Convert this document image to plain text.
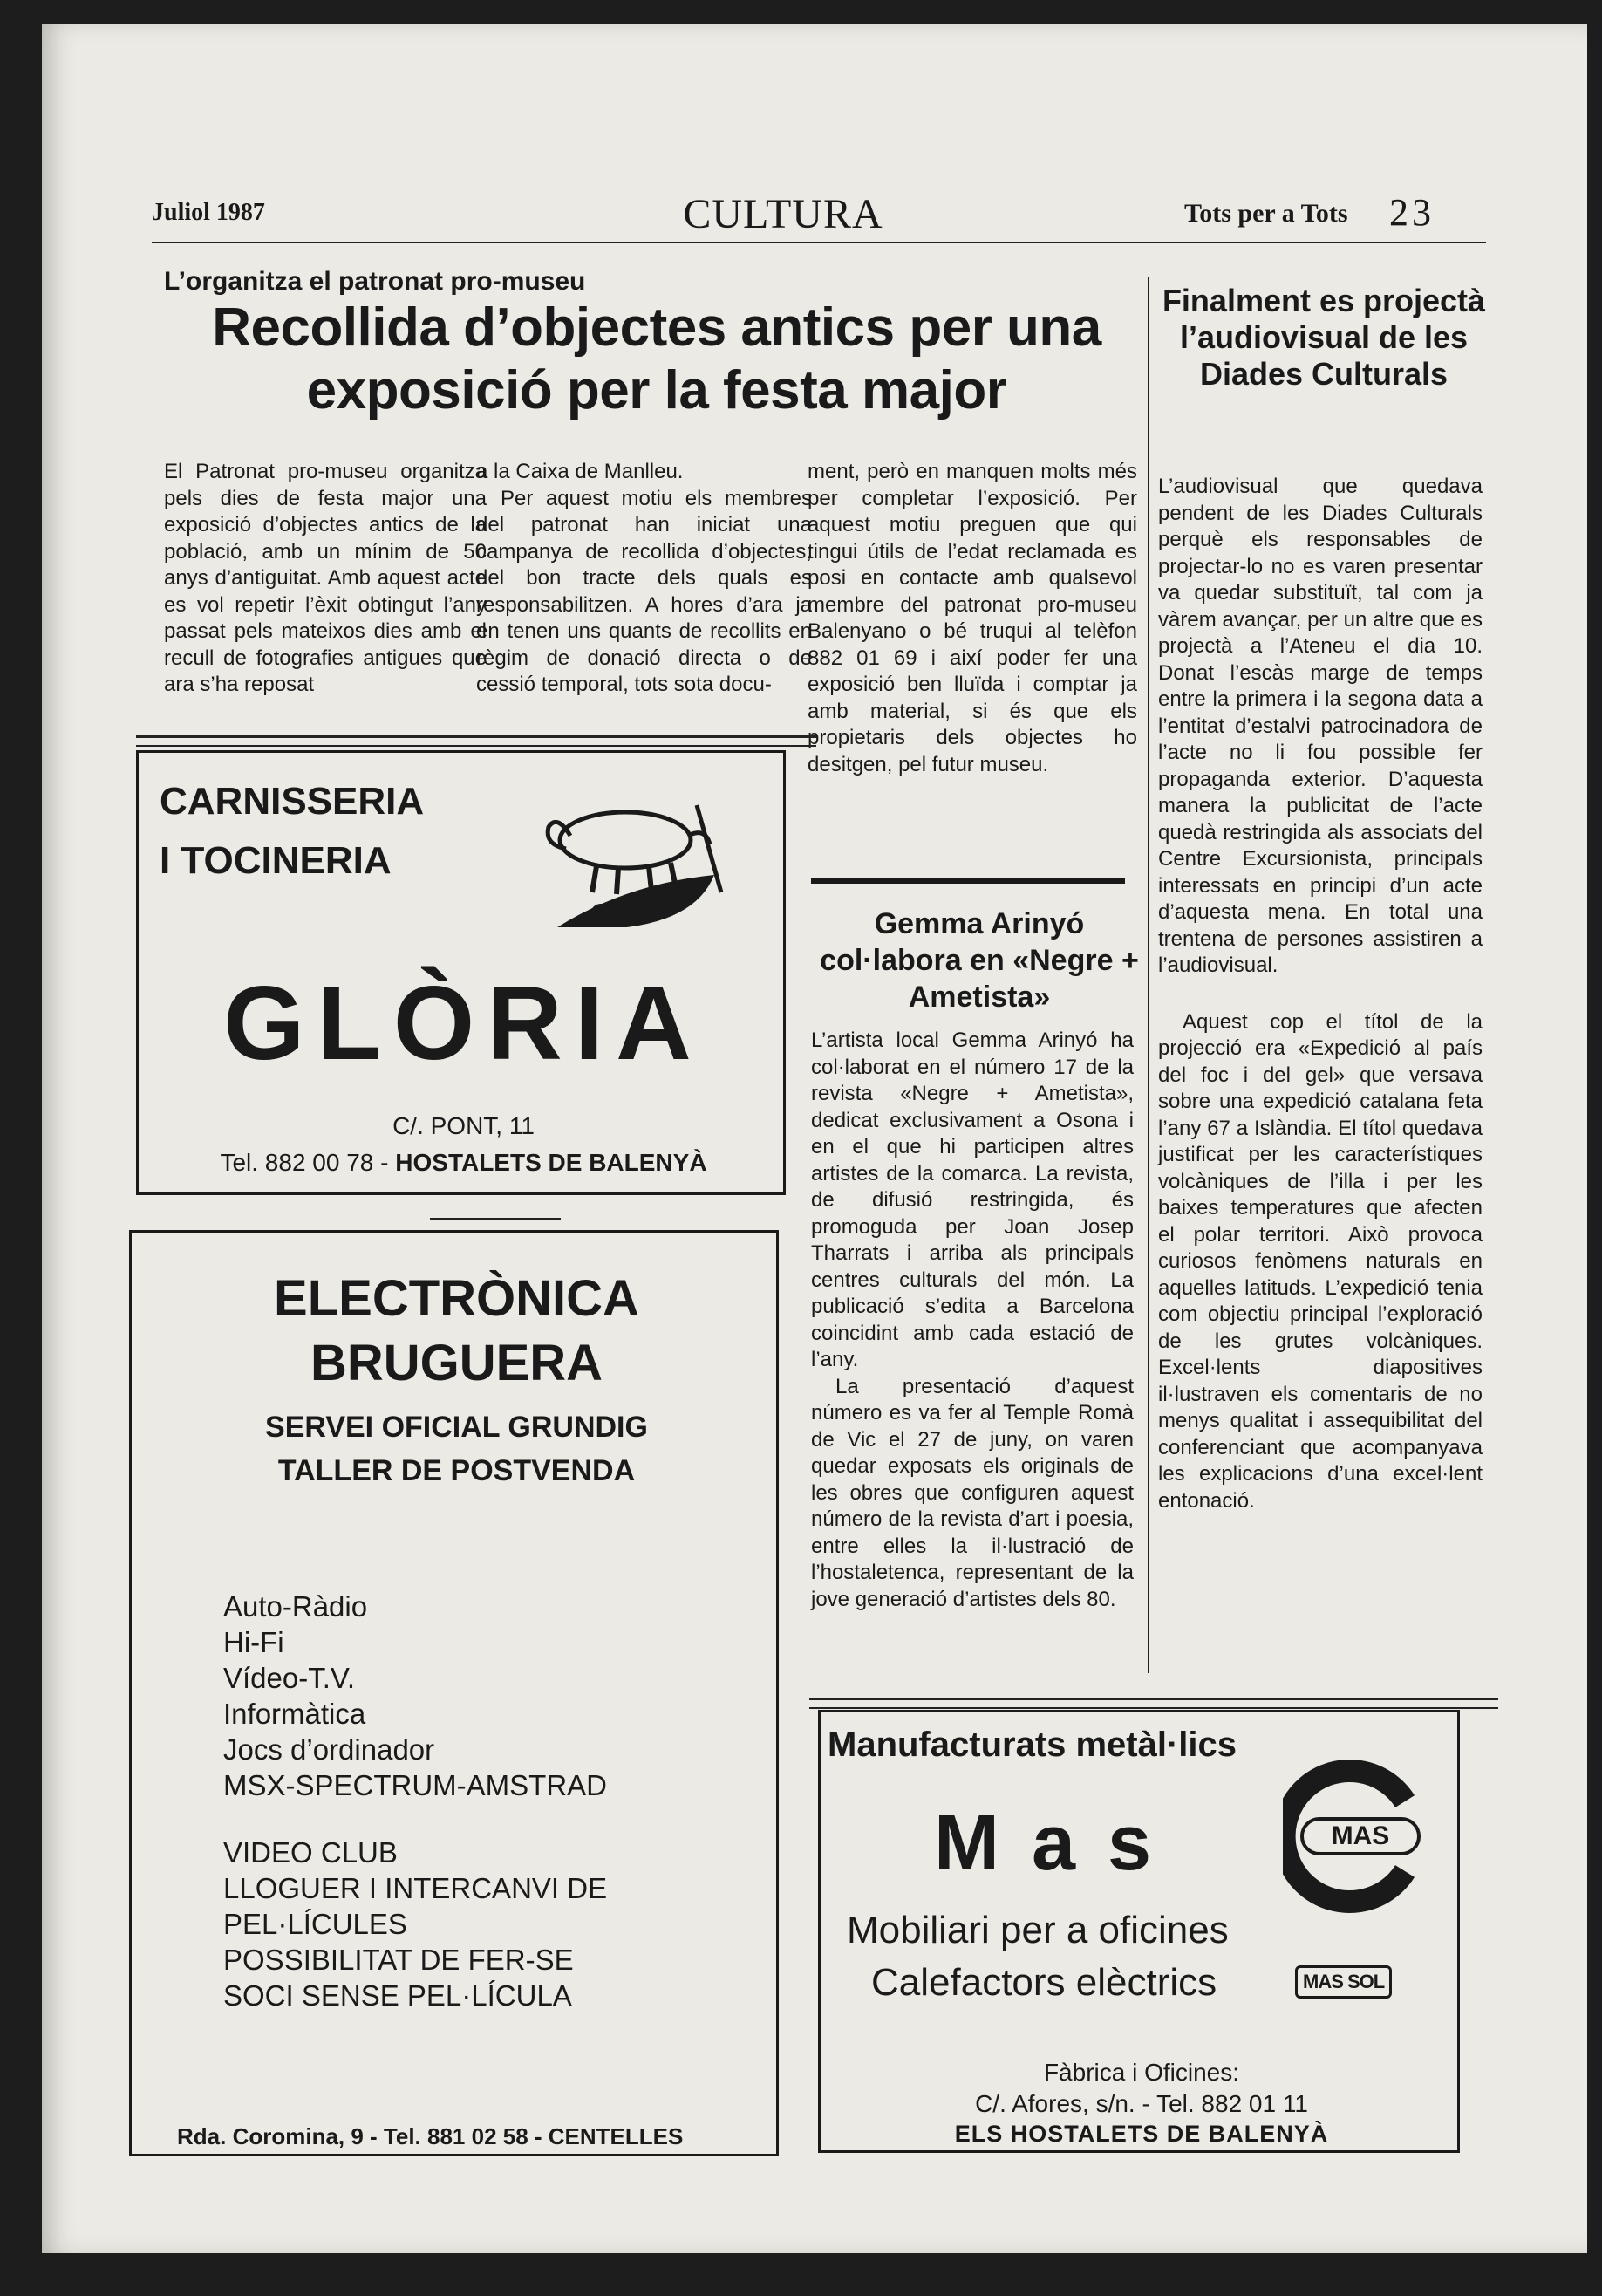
Juliol 1987	CULTURA	Tots per a Tots 23
L’organitza el patronat pro-museu
Recollida d’objectes antics per una exposició per la festa major

El Patronat pro-museu organitza pels dies de festa major una exposició d’objectes antics de la població, amb un mínim de 50 anys d’antiguitat. Amb aquest acte es vol repetir l’èxit obtingut l’any passat pels mateixos dies amb el recull de fotografies antigues que ara s’ha reposat

a la Caixa de Manlleu.

Per aquest motiu els membres del patronat han iniciat una campanya de recollida d’objectes, del bon tracte dels quals es responsabilitzen. A hores d’ara ja en tenen uns quants de recollits en règim de donació directa o de cessió temporal, tots sota docu-

ment, però en manquen molts més per completar l’exposició. Per aquest motiu preguen que qui tingui útils de l’edat reclamada es posi en contacte amb qualsevol membre del patronat pro-museu Balenyano o bé truqui al telèfon 882 01 69 i així poder fer una exposició ben lluïda i comptar ja amb material, si és que els propietaris dels objectes ho desitgen, pel futur museu.

CARNISSERIA
I TOCINERIA
GLÒRIA
C/. PONT, 11
Tel. 882 00 78 - HOSTALETS DE BALENYÀ
ELECTRÒNICA
BRUGUERA
SERVEI OFICIAL GRUNDIG
TALLER DE POSTVENDA
Auto-Ràdio
Hi-Fi
Vídeo-T.V.
Informàtica
Jocs d’ordinador
MSX-SPECTRUM-AMSTRAD
VIDEO CLUB
LLOGUER I INTERCANVI DE
PEL·LÍCULES
POSSIBILITAT DE FER-SE
SOCI SENSE PEL·LÍCULA
Rda. Coromina, 9 - Tel. 881 02 58 - CENTELLES
Gemma Arinyó col·labora en «Negre + Ametista»

L’artista local Gemma Arinyó ha col·laborat en el número 17 de la revista «Negre + Ametista», dedicat exclusivament a Osona i en el que hi participen altres artistes de la comarca. La revista, de difusió restringida, és promoguda per Joan Josep Tharrats i arriba als principals centres culturals del món. La publicació s’edita a Barcelona coincidint amb cada estació de l’any.

La presentació d’aquest número es va fer al Temple Romà de Vic el 27 de juny, on varen quedar exposats els originals de les obres que configuren aquest número de la revista d’art i poesia, entre elles la il·lustració de l’hostaletenca, representant de la jove generació d’artistes dels 80.

Finalment es projectà l’audiovisual de les Diades Culturals

L’audiovisual que quedava pendent de les Diades Culturals perquè els responsables de projectar-lo no es varen presentar va quedar substituït, tal com ja vàrem avançar, per un altre que es projectà a l’Ateneu el dia 10. Donat l’escàs marge de temps entre la primera i la segona data a l’entitat d’estalvi patrocinadora de l’acte no li fou possible fer propaganda exterior. D’aquesta manera la publicitat de l’acte quedà restringida als associats del Centre Excursionista, principals interessats en principi d’un acte d’aquesta mena. En total una trentena de persones assistiren a l’audiovisual.

Aquest cop el títol de la projecció era «Expedició al país del foc i del gel» que versava sobre una expedició catalana feta l’any 67 a Islàndia. El títol quedava justificat per les característiques volcàniques de l’illa i per les baixes temperatures que afecten el polar territori. Això provoca curiosos fenòmens naturals en aquelles latituds. L’expedició tenia com objectiu principal l’exploració de les grutes volcàniques. Excel·lents diapositives il·lustraven els comentaris de no menys qualitat i assequibilitat del conferenciant que acompanyava les explicacions d’una excel·lent entonació.

Manufacturats metàl·lics
M a s	MAS
Mobiliari per a oficines
Calefactors elèctrics	MAS SOL
Fàbrica i Oficines:
C/. Afores, s/n. - Tel. 882 01 11
ELS HOSTALETS DE BALENYÀ
